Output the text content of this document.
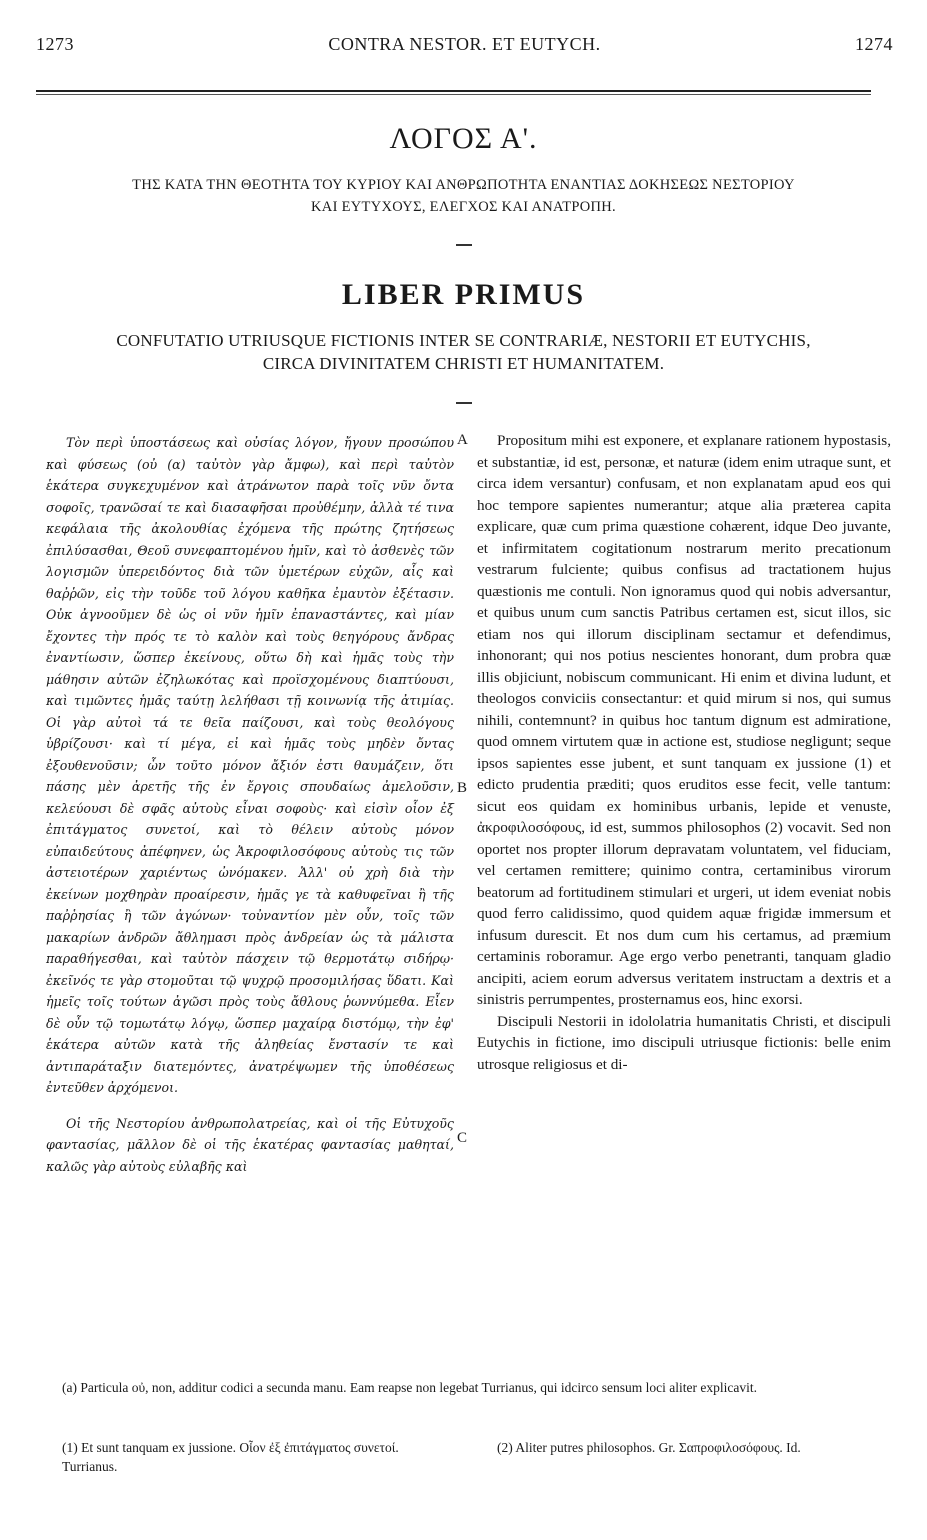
1273	CONTRA NESTOR. ET EUTYCH.	1274
ΛΟΓΟΣ Α'.
ΤΗΣ ΚΑΤΑ ΤΗΝ ΘΕΟΤΗΤΑ ΤΟΥ ΚΥΡΙΟΥ ΚΑΙ ΑΝΘΡΩΠΟΤΗΤΑ ΕΝΑΝΤΙΑΣ ΔΟΚΗΣΕΩΣ ΝΕΣΤΟΡΙΟΥ
ΚΑΙ ΕΥΤΥΧΟΥΣ, ΕΛΕΓΧΟΣ ΚΑΙ ΑΝΑΤΡΟΠΗ.
LIBER PRIMUS
CONFUTATIO UTRIUSQUE FICTIONIS INTER SE CONTRARIÆ, NESTORII ET EUTYCHIS,
CIRCA DIVINITATEM CHRISTI ET HUMANITATEM.

Τὸν περὶ ὑποστάσεως καὶ οὐσίας λόγον, ἤγουν προσώπου καὶ φύσεως (οὐ (α) ταὐτὸν γὰρ ἄμφω), καὶ περὶ ταὐτὸν ἑκάτερα συγκεχυμένον καὶ ἀτράνωτον παρὰ τοῖς νῦν ὄντα σοφοῖς, τρανῶσαί τε καὶ διασαφῆσαι προὐθέμην, ἀλλὰ τέ τινα κεφάλαια τῆς ἀκολουθίας ἐχόμενα τῆς πρώτης ζητήσεως ἐπιλύσασθαι, Θεοῦ συνεφαπτομένου ἡμῖν, καὶ τὸ ἀσθενὲς τῶν λογισμῶν ὑπερειδόντος διὰ τῶν ὑμετέρων εὐχῶν, αἷς καὶ θαῤῥῶν, εἰς τὴν τοῦδε τοῦ λόγου καθῆκα ἐμαυτὸν ἐξέτασιν. Οὐκ ἀγνοοῦμεν δὲ ὡς οἱ νῦν ἡμῖν ἐπαναστάντες, καὶ μίαν ἔχοντες τὴν πρός τε τὸ καλὸν καὶ τοὺς θεηγόρους ἄνδρας ἐναντίωσιν, ὥσπερ ἐκείνους, οὕτω δὴ καὶ ἡμᾶς τοὺς τὴν μάθησιν αὐτῶν ἐζηλωκότας καὶ προϊσχομένους διαπτύουσι, καὶ τιμῶντες ἡμᾶς ταύτῃ λελήθασι τῇ κοινωνίᾳ τῆς ἀτιμίας. Οἱ γὰρ αὐτοὶ τά τε θεῖα παίζουσι, καὶ τοὺς θεολόγους ὑβρίζουσι· καὶ τί μέγα, εἰ καὶ ἡμᾶς τοὺς μηδὲν ὄντας ἐξουθενοῦσιν; ὧν τοῦτο μόνον ἄξιόν ἐστι θαυμάζειν, ὅτι πάσης μὲν ἀρετῆς τῆς ἐν ἔργοις σπουδαίως ἀμελοῦσιν, κελεύουσι δὲ σφᾶς αὐτοὺς εἶναι σοφοὺς· καὶ εἰσὶν οἷον ἐξ ἐπιτάγματος συνετοί, καὶ τὸ θέλειν αὐτοὺς μόνον εὐπαιδεύτους ἀπέφηνεν, ὡς Ἀκροφιλοσόφους αὐτοὺς τις τῶν ἀστειοτέρων χαριέντως ὠνόμακεν. Ἀλλ' οὐ χρὴ διὰ τὴν ἐκείνων μοχθηρὰν προαίρεσιν, ἡμᾶς γε τὰ καθυφεῖναι ἢ τῆς παῤῥησίας ἢ τῶν ἀγώνων· τοὐναντίον μὲν οὖν, τοῖς τῶν μακαρίων ἀνδρῶν ἄθλημασι πρὸς ἀνδρείαν ὡς τὰ μάλιστα παραθήγεσθαι, καὶ ταὐτὸν πάσχειν τῷ θερμοτάτῳ σιδήρῳ· ἐκεῖνός τε γὰρ στομοῦται τῷ ψυχρῷ προσομιλήσας ὕδατι. Καὶ ἡμεῖς τοῖς τούτων ἀγῶσι πρὸς τοὺς ἄθλους ῥωννύμεθα. Εἶεν δὲ οὖν τῷ τομωτάτῳ λόγῳ, ὥσπερ μαχαίρᾳ διστόμῳ, τὴν ἐφ' ἑκάτερα αὐτῶν κατὰ τῆς ἀληθείας ἔνστασίν τε καὶ ἀντιπαράταξιν διατεμόντες, ἀνατρέψωμεν τῆς ὑποθέσεως ἐντεῦθεν ἀρχόμενοι.

Οἱ τῆς Νεστορίου ἀνθρωπολατρείας, καὶ οἱ τῆς Εὐτυχοῦς φαντασίας, μᾶλλον δὲ οἱ τῆς ἑκατέρας φαντασίας μαθηταί, καλῶς γὰρ αὐτοὺς εὐλαβῆς καὶ

A
B
C

Propositum mihi est exponere, et explanare rationem hypostasis, et substantiæ, id est, personæ, et naturæ (idem enim utraque sunt, et circa idem versantur) confusam, et non explanatam apud eos qui hoc tempore sapientes numerantur; atque alia præterea capita explicare, quæ cum prima quæstione cohærent, idque Deo juvante, et infirmitatem cogitationum nostrarum merito precationum vestrarum fulciente; quibus confisus ad tractationem hujus quæstionis me contuli. Non ignoramus quod qui nobis adversantur, et quibus unum cum sanctis Patribus certamen est, sicut illos, sic etiam nos qui illorum disciplinam sectamur et defendimus, inhonorant; qui nos potius nescientes honorant, dum probra quæ illis objiciunt, nobiscum communicant. Hi enim et divina ludunt, et theologos conviciis consectantur: et quid mirum si nos, qui sumus nihili, contemnunt? in quibus hoc tantum dignum est admiratione, quod omnem virtutem quæ in actione est, studiose negligunt; seque ipsos sapientes esse jubent, et sunt tanquam ex jussione (1) et edicto prudentia præditi; quos eruditos esse fecit, velle tantum: sicut eos quidam ex hominibus urbanis, lepide et venuste, ἀκροφιλοσόφους, id est, summos philosophos (2) vocavit. Sed non oportet nos propter illorum depravatam voluntatem, vel fiduciam, vel certamen remittere; quinimo contra, certaminibus virorum beatorum ad fortitudinem stimulari et urgeri, ut idem eveniat nobis quod ferro calidissimo, quod quidem aquæ frigidæ immersum et infusum durescit. Et nos dum cum his certamus, ad præmium certaminis roboramur. Age ergo verbo penetranti, tanquam gladio ancipiti, aciem eorum adversus veritatem instructam a dextris et a sinistris perrumpentes, prosternamus eos, hinc exorsi.

Discipuli Nestorii in idololatria humanitatis Christi, et discipuli Eutychis in fictione, imo discipuli utriusque fictionis: belle enim utrosque religiosus et di-

(a) Particula οὐ, non, additur codici a secunda manu. Eam reapse non legebat Turrianus, qui idcirco sensum loci aliter explicavit.
(1) Et sunt tanquam ex jussione. Οἷον ἐξ ἐπιτάγματος συνετοί. Turrianus.
(2) Aliter putres philosophos. Gr. Σαπροφιλοσόφους. Id.
